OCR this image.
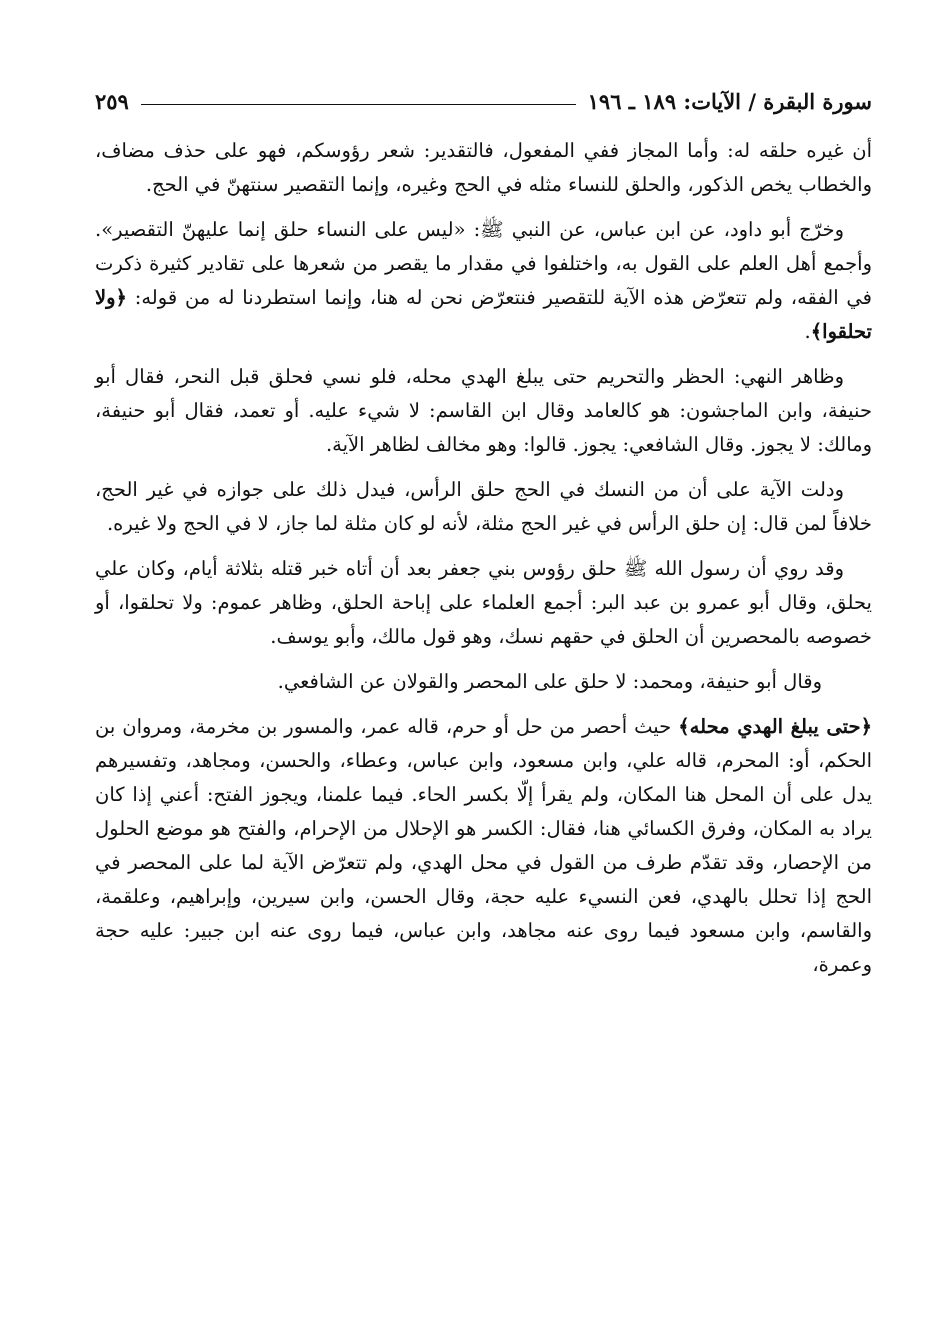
سورة البقرة / الآيات: ١٨٩ ـ ١٩٦
٢٥٩

أن غيره حلقه له: وأما المجاز ففي المفعول، فالتقدير: شعر رؤوسكم، فهو على حذف مضاف، والخطاب يخص الذكور، والحلق للنساء مثله في الحج وغيره، وإنما التقصير سنتهنّ في الحج.

وخرّج أبو داود، عن ابن عباس، عن النبي ﷺ: «ليس على النساء حلق إنما عليهنّ التقصير». وأجمع أهل العلم على القول به، واختلفوا في مقدار ما يقصر من شعرها على تقادير كثيرة ذكرت في الفقه، ولم تتعرّض هذه الآية للتقصير فنتعرّض نحن له هنا، وإنما استطردنا له من قوله: ﴿ولا تحلقوا﴾.

وظاهر النهي: الحظر والتحريم حتى يبلغ الهدي محله، فلو نسي فحلق قبل النحر، فقال أبو حنيفة، وابن الماجشون: هو كالعامد وقال ابن القاسم: لا شيء عليه. أو تعمد، فقال أبو حنيفة، ومالك: لا يجوز. وقال الشافعي: يجوز. قالوا: وهو مخالف لظاهر الآية.

ودلت الآية على أن من النسك في الحج حلق الرأس، فيدل ذلك على جوازه في غير الحج، خلافاً لمن قال: إن حلق الرأس في غير الحج مثلة، لأنه لو كان مثلة لما جاز، لا في الحج ولا غيره.

وقد روي أن رسول الله ﷺ حلق رؤوس بني جعفر بعد أن أتاه خبر قتله بثلاثة أيام، وكان علي يحلق، وقال أبو عمرو بن عبد البر: أجمع العلماء على إباحة الحلق، وظاهر عموم: ولا تحلقوا، أو خصوصه بالمحصرين أن الحلق في حقهم نسك، وهو قول مالك، وأبو يوسف.

وقال أبو حنيفة، ومحمد: لا حلق على المحصر والقولان عن الشافعي.

﴿حتى يبلغ الهدي محله﴾ حيث أحصر من حل أو حرم، قاله عمر، والمسور بن مخرمة، ومروان بن الحكم، أو: المحرم، قاله علي، وابن مسعود، وابن عباس، وعطاء، والحسن، ومجاهد، وتفسيرهم يدل على أن المحل هنا المكان، ولم يقرأ إلّا بكسر الحاء. فيما علمنا، ويجوز الفتح: أعني إذا كان يراد به المكان، وفرق الكسائي هنا، فقال: الكسر هو الإحلال من الإحرام، والفتح هو موضع الحلول من الإحصار، وقد تقدّم طرف من القول في محل الهدي، ولم تتعرّض الآية لما على المحصر في الحج إذا تحلل بالهدي، فعن النسيء عليه حجة، وقال الحسن، وابن سيرين، وإبراهيم، وعلقمة، والقاسم، وابن مسعود فيما روى عنه مجاهد، وابن عباس، فيما روى عنه ابن جبير: عليه حجة وعمرة،
